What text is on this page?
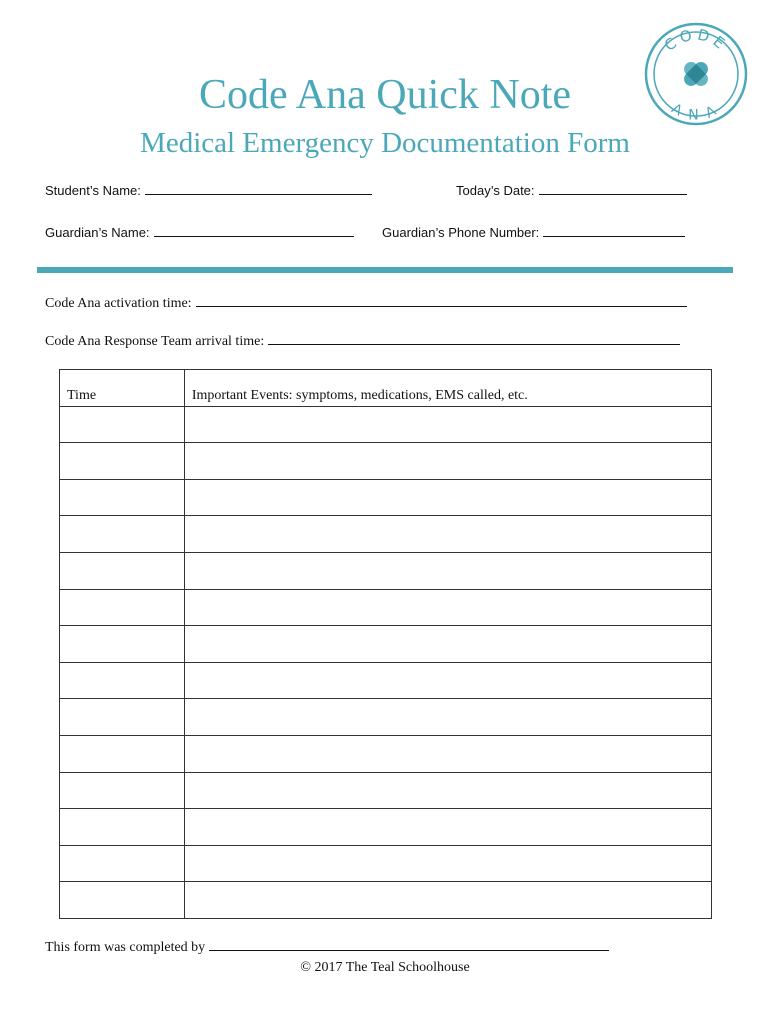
Code Ana Quick Note
Medical Emergency Documentation Form
CODE
ANA
Student’s Name:	Today’s Date:
Guardian’s Name:	Guardian’s Phone Number:
Code Ana activation time:
Code Ana Response Team arrival time:
Time	Important Events: symptoms, medications, EMS called, etc.

This form was completed by
© 2017 The Teal Schoolhouse
